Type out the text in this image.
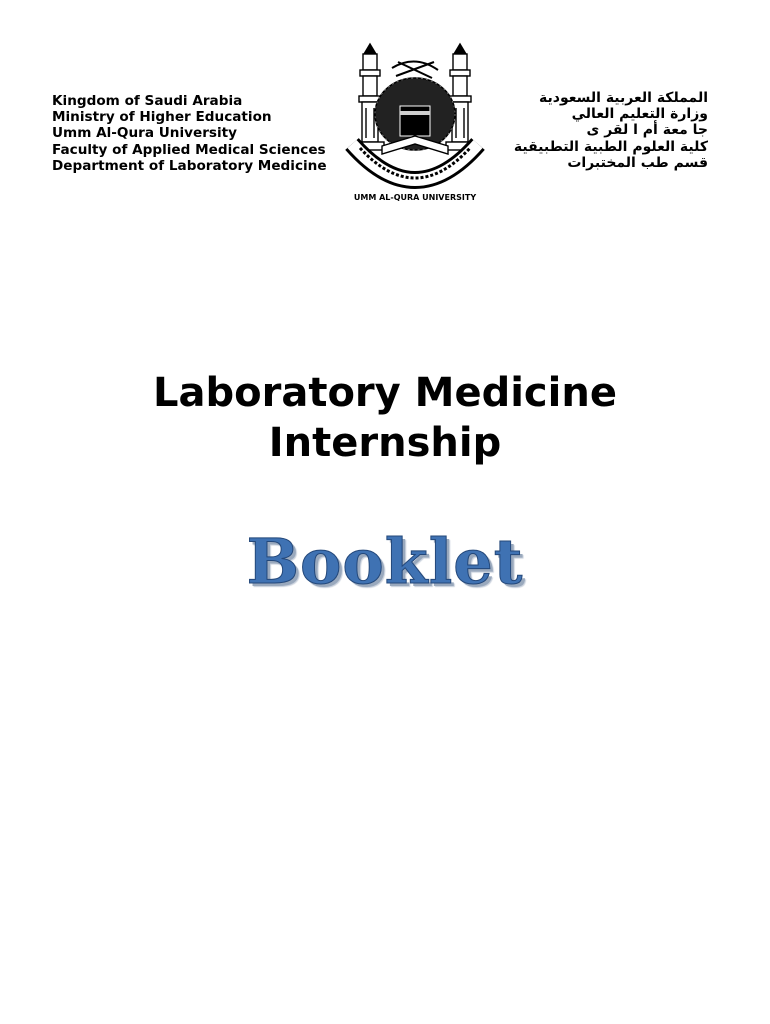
Kingdom of Saudi Arabia
Ministry of Higher Education
Umm Al-Qura University
Faculty of Applied Medical Sciences
Department of Laboratory Medicine
UMM AL-QURA UNIVERSITY
المملكة العربية السعودية
وزارة التعليم العالي
جا معة أم ا لقر ى
كلية العلوم الطبية التطبيقية
قسم طب المختبرات
Laboratory Medicine
Internship
Booklet
